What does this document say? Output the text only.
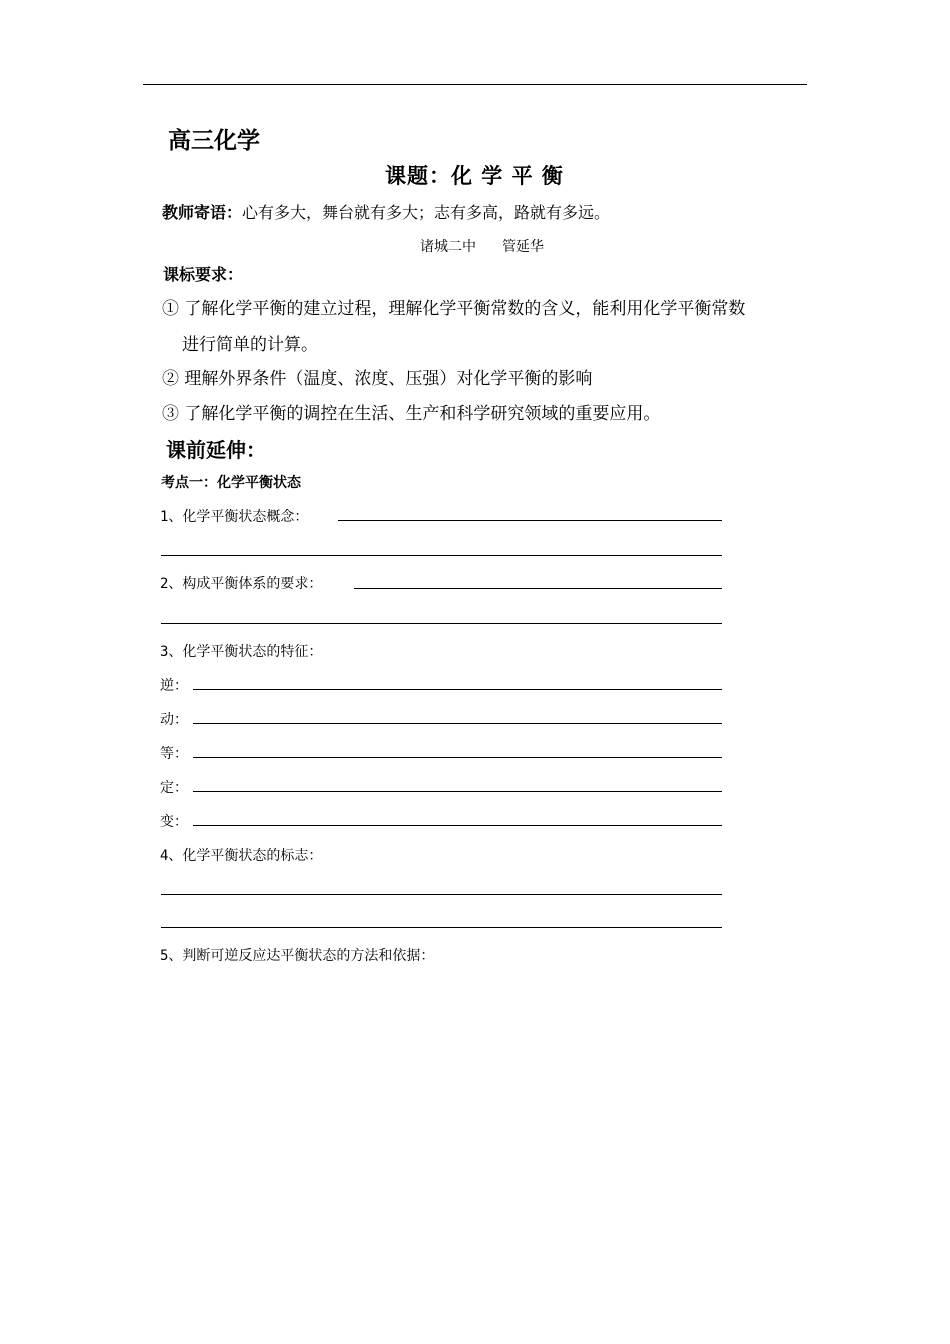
高三化学
课题：化 学 平 衡
教师寄语：心有多大，舞台就有多大；志有多高，路就有多远。
诸城二中 管延华
课标要求：
① 了解化学平衡的建立过程，理解化学平衡常数的含义，能利用化学平衡常数
进行简单的计算。
② 理解外界条件（温度、浓度、压强）对化学平衡的影响
③ 了解化学平衡的调控在生活、生产和科学研究领域的重要应用。
课前延伸：
考点一：化学平衡状态
1、化学平衡状态概念：
2、构成平衡体系的要求：
3、化学平衡状态的特征：
逆：
动：
等：
定：
变：
4、化学平衡状态的标志：
5、判断可逆反应达平衡状态的方法和依据：
